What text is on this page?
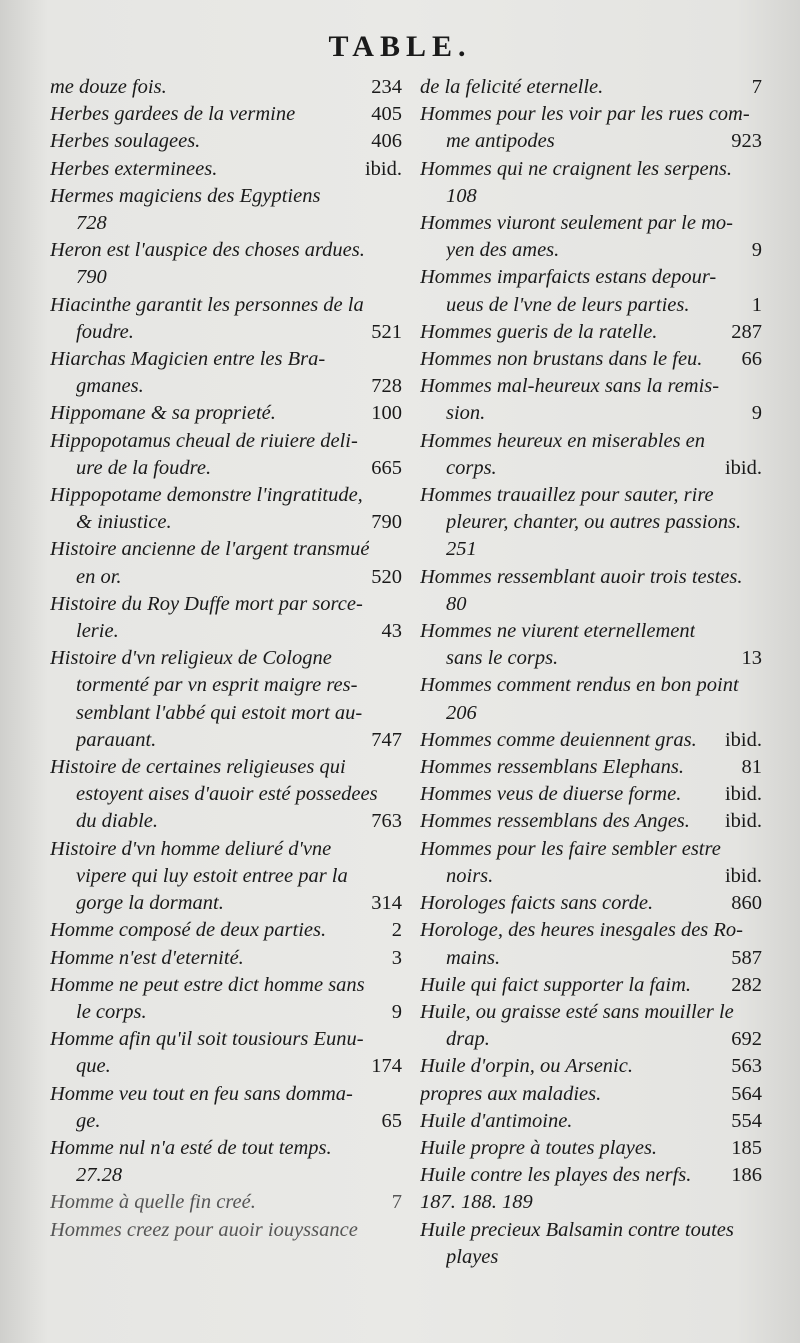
TABLE.
me douze fois.	234
Herbes gardees de la vermine	405
Herbes soulagees.	406
Herbes exterminees.	ibid.
Hermes magiciens des Egyptiens
728
Heron est l'auspice des choses ardues.
790
Hiacinthe garantit les personnes de la
foudre.	521
Hiarchas Magicien entre les Bra-
gmanes.	728
Hippomane & sa proprieté.	100
Hippopotamus cheual de riuiere deli-
ure de la foudre.	665
Hippopotame demonstre l'ingratitude,
& iniustice.	790
Histoire ancienne de l'argent transmué
en or.	520
Histoire du Roy Duffe mort par sorce-
lerie.	43
Histoire d'vn religieux de Cologne
tormenté par vn esprit maigre res-
semblant l'abbé qui estoit mort au-
parauant.	747
Histoire de certaines religieuses qui
estoyent aises d'auoir esté possedees
du diable.	763
Histoire d'vn homme deliuré d'vne
vipere qui luy estoit entree par la
gorge la dormant.	314
Homme composé de deux parties.	2
Homme n'est d'eternité.	3
Homme ne peut estre dict homme sans
le corps.	9
Homme afin qu'il soit tousiours Eunu-
que.	174
Homme veu tout en feu sans domma-
ge.	65
Homme nul n'a esté de tout temps.
27.28
Homme à quelle fin creé.	7
Hommes creez pour auoir iouyssance
de la felicité eternelle.	7
Hommes pour les voir par les rues com-
me antipodes	923
Hommes qui ne craignent les serpens.
108
Hommes viuront seulement par le mo-
yen des ames.	9
Hommes imparfaicts estans depour-
ueus de l'vne de leurs parties.	1
Hommes gueris de la ratelle.	287
Hommes non brustans dans le feu.	66
Hommes mal-heureux sans la remis-
sion.	9
Hommes heureux en miserables en
corps.	ibid.
Hommes trauaillez pour sauter, rire
pleurer, chanter, ou autres passions.
251
Hommes ressemblant auoir trois testes.
80
Hommes ne viurent eternellement
sans le corps.	13
Hommes comment rendus en bon point
206
Hommes comme deuiennent gras.	ibid.
Hommes ressemblans Elephans.	81
Hommes veus de diuerse forme.	ibid.
Hommes ressemblans des Anges.	ibid.
Hommes pour les faire sembler estre
noirs.	ibid.
Horologes faicts sans corde.	860
Horologe, des heures inesgales des Ro-
mains.	587
Huile qui faict supporter la faim.	282
Huile, ou graisse esté sans mouiller le
drap.	692
Huile d'orpin, ou Arsenic.	563
propres aux maladies.	564
Huile d'antimoine.	554
Huile propre à toutes playes.	185
Huile contre les playes des nerfs.	186
187. 188. 189
Huile precieux Balsamin contre toutes
playes
